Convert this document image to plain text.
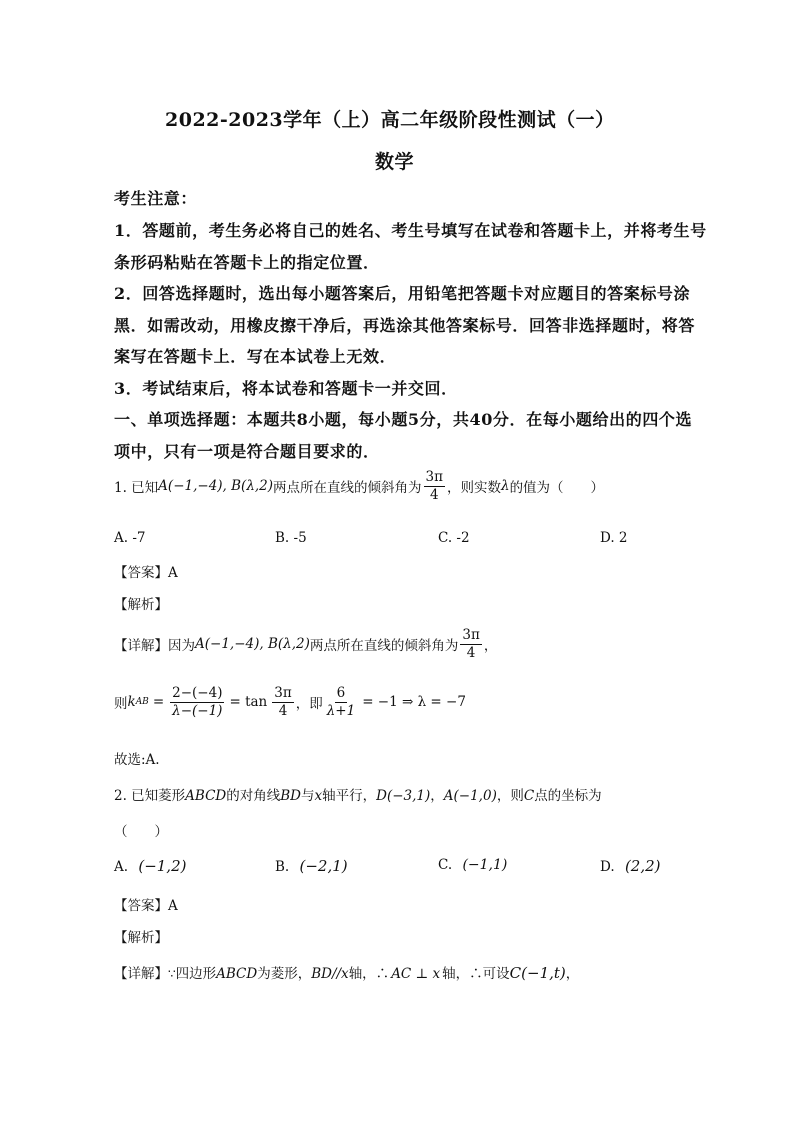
2022-2023学年（上）高二年级阶段性测试（一）
数学
考生注意：
1．答题前，考生务必将自己的姓名、考生号填写在试卷和答题卡上，并将考生号
条形码粘贴在答题卡上的指定位置．
2．回答选择题时，选出每小题答案后，用铅笔把答题卡对应题目的答案标号涂
黑．如需改动，用橡皮擦干净后，再选涂其他答案标号．回答非选择题时，将答
案写在答题卡上．写在本试卷上无效．
3．考试结束后，将本试卷和答题卡一并交回．
一、单项选择题：本题共8小题，每小题5分，共40分．在每小题给出的四个选
项中，只有一项是符合题目要求的．
1. 已知 A(−1,−4), B(λ,2) 两点所在直线的倾斜角为 $\frac{3\pi}{4}$ ，则实数 λ 的值为（　　）
A. -7	B. -5	C. -2	D. 2
【答案】A
【解析】
【详解】因为 A(−1,−4), B(λ,2) 两点所在直线的倾斜角为 $\frac{3\pi}{4}$ ，
则 k AB = $\frac{2-(-4)}{\lambda-(-1)} = \tan \frac{3\pi}{4}$ ，即 $\frac{6}{\lambda+1} = -1$ ⇒ λ = −7
故选:A.
2. 已知菱形ABCD的对角线BD与x轴平行，D(−3,1)，A(−1,0)，则C点的坐标为
（　　）
A. (−1,2)	B. (−2,1)	C. (−1,1)	D. (2,2)
【答案】A
【解析】
【详解】∵四边形ABCD为菱形，BD//x轴，∴ AC ⊥ x 轴，∴可设C(−1,t)，
